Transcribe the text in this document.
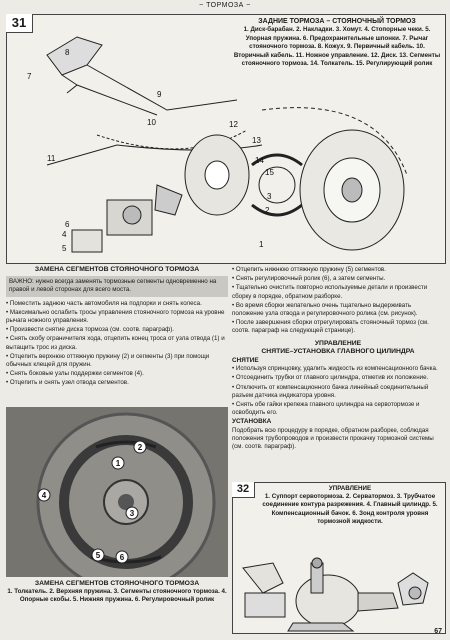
~ ТОРМОЗА ~
7
8
9
10
11
12
13
14
15
1
2
3
4
5
6
31	ЗАДНИЕ ТОРМОЗА – СТОЯНОЧНЫЙ ТОРМОЗ
1. Диск-барабан. 2. Накладки. 3. Хомут. 4. Стопорные чеки. 5. Упорная пружина. 6. Предохранительные шпонки. 7. Рычаг стояночного тормоза. 8. Кожух. 9. Первичный кабель. 10. Вторичный кабель. 11. Ножное управление. 12. Диск. 13. Сегменты стояночного тормоза. 14. Толкатель. 15. Регулирующий ролик
ЗАМЕНА СЕГМЕНТОВ СТОЯНОЧНОГО ТОРМОЗА
ВАЖНО: нужно всегда заменять тормозные сегменты одновременно на правой и левой сторонах для всего моста.

• Поместить заднюю часть автомобиля на подпорки и снять колеса.

• Максимально ослабить тросы управления стояночного тормоза на уровне рычага ножного управления.

• Произвести снятие диска тормоза (см. соотв. параграф).

• Снять скобу ограничителя хода, отцепить конец троса от узла отвода (1) и вытащить трос из диска.

• Отцепить верхнюю оттяжную пружину (2) и сегменты (3) при помощи обычных клещей для пружин.

• Снять боковые узлы поддержки сегментов (4).

• Отцепить и снять узел отвода сегментов.

1
2
3
4
5 6
ЗАМЕНА СЕГМЕНТОВ СТОЯНОЧНОГО ТОРМОЗА
1. Толкатель. 2. Верхняя пружина. 3. Сегменты стояночного тормоза. 4. Опорные скобы. 5. Нижняя пружина. 6. Регулировочный ролик

• Отцепить нижнюю оттяжную пружину (5) сегментов.

• Снять регулировочный ролик (6), а затем сегменты.

• Тщательно очистить повторно используемые детали и произвести сборку в порядке, обратном разборке.

• Во время сборки желательно очень тщательно выдерживать положение узла отвода и регулировочного ролика (см. рисунок).

• После завершения сборки отрегулировать стояночный тормоз (см. соотв. параграф на следующей странице).

УПРАВЛЕНИЕ
СНЯТИЕ–УСТАНОВКА ГЛАВНОГО ЦИЛИНДРА
СНЯТИЕ

• Используя спринцовку, удалить жидкость из компенсационного бачка.

• Отсоединить трубки от главного цилиндра, отметив их положение.

• Отключить от компенсационного бачка линейный соединительный разъем датчика индикатора уровня.

• Снять обе гайки крепежа главного цилиндра на сервотормозе и освободить его.

УСТАНОВКА

Подобрать всю процедуру в порядке, обратном разборке, соблюдая положения трубопроводов и произвести прокачку тормозной системы (см. соотв. параграф).

УПРАВЛЕНИЕ
1. Суппорт сервотормоза. 2. Серватормоз. 3. Трубчатое соединение контура разрежения. 4. Главный цилиндр. 5. Компенсационный бачок. 6. Зонд контроля уровня тормозной жидкости.
32
67
